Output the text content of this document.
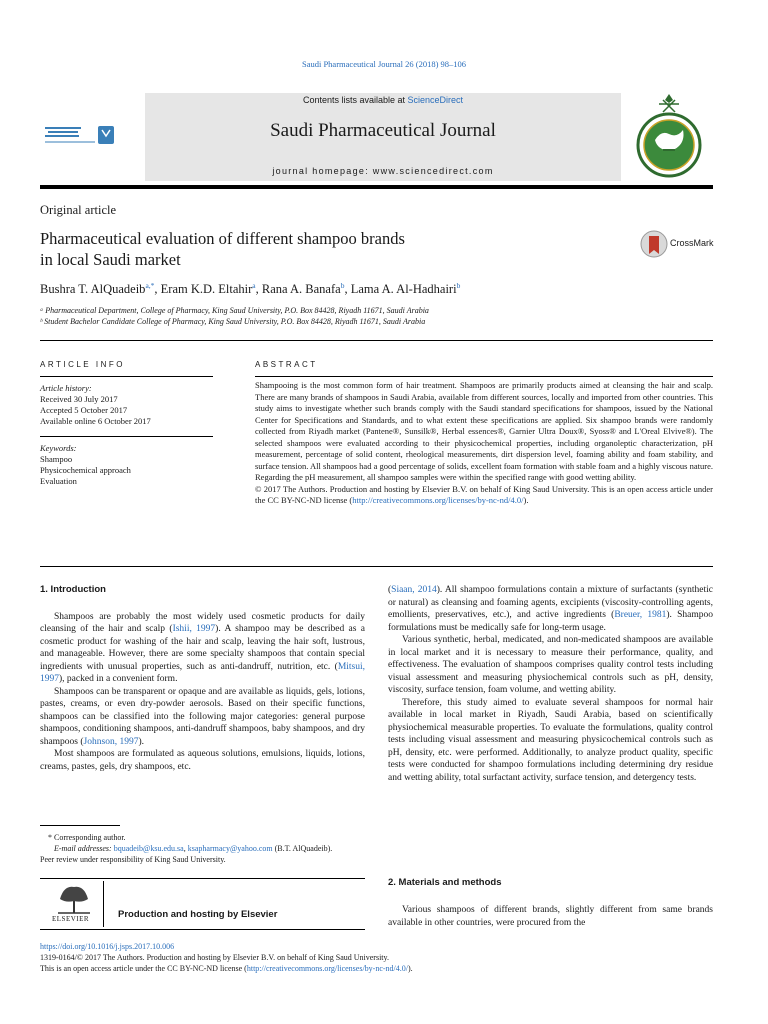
Saudi Pharmaceutical Journal 26 (2018) 98–106
Contents lists available at ScienceDirect
Saudi Pharmaceutical Journal
journal homepage: www.sciencedirect.com
Original article
Pharmaceutical evaluation of different shampoo brands
in local Saudi market
CrossMark
Bushra T. AlQuadeib$^{a,*}$, Eram K.D. Eltahir$^a$, Rana A. Banafa$^b$, Lama A. Al-Hadhairi$^b$
ᵃ Pharmaceutical Department, College of Pharmacy, King Saud University, P.O. Box 84428, Riyadh 11671, Saudi Arabia
ᵇ Student Bachelor Candidate College of Pharmacy, King Saud University, P.O. Box 84428, Riyadh 11671, Saudi Arabia
ARTICLE INFO
Article history:
Received 30 July 2017
Accepted 5 October 2017
Available online 6 October 2017
Keywords:
Shampoo
Physicochemical approach
Evaluation
ABSTRACT

Shampooing is the most common form of hair treatment. Shampoos are primarily products aimed at cleansing the hair and scalp. There are many brands of shampoos in Saudi Arabia, available from different sources, locally and imported from other countries. This study aims to investigate whether such brands comply with the Saudi standard specifications for shampoos, issued by the National Center for Specifications and Standards, and to what extent these specifications are applied. Six shampoo brands were randomly collected from Riyadh market (Pantene®, Sunsilk®, Herbal essences®, Garnier Ultra Doux®, Syoss® and L'Oreal Elvive®). The selected shampoos were evaluated according to their physicochemical properties, including organoleptic characterization, pH measurement, percentage of solid content, rheological measurements, dirt dispersion level, foaming ability and foam stability, and surface tension. All shampoos had a good percentage of solids, excellent foam formation with stable foam and a highly viscous nature. Regarding the pH measurement, all shampoo samples were within the specified range with good wetting ability.

© 2017 The Authors. Production and hosting by Elsevier B.V. on behalf of King Saud University. This is an open access article under the CC BY-NC-ND license (http://creativecommons.org/licenses/by-nc-nd/4.0/).

1. Introduction

Shampoos are probably the most widely used cosmetic products for daily cleansing of the hair and scalp (Ishii, 1997). A shampoo may be described as a cosmetic product for washing of the hair and scalp, leaving the hair soft, lustrous, and manageable. However, there are some specialty shampoos that contain special ingredients with unusual properties, such as anti-dandruff, nutrition, etc. (Mitsui, 1997), packed in a convenient form.

Shampoos can be transparent or opaque and are available as liquids, gels, lotions, pastes, creams, or even dry-powder aerosols. Based on their specific functions, shampoos can be classified into the following major categories: general purpose shampoos, conditioning shampoos, anti-dandruff shampoos, baby shampoos, and dry shampoos (Johnson, 1997).

Most shampoos are formulated as aqueous solutions, emulsions, liquids, lotions, creams, pastes, gels, dry shampoos, etc.

* Corresponding author.
E-mail addresses: bquadeib@ksu.edu.sa, ksapharmacy@yahoo.com (B.T. AlQuadeib).
Peer review under responsibility of King Saud University.
ELSEVIER	Production and hosting by Elsevier

(Siaan, 2014). All shampoo formulations contain a mixture of surfactants (synthetic or natural) as cleansing and foaming agents, excipients (viscosity-controlling agents, emollients, preservatives, etc.), and active ingredients (Breuer, 1981). Shampoo formulations must be medically safe for long-term usage.

Various synthetic, herbal, medicated, and non-medicated shampoos are available in local market and it is necessary to measure their performance, quality, and effectiveness. The evaluation of shampoos comprises quality control tests including visual assessment and measuring physiochemical controls such as pH, density, viscosity, surface tension, foam volume, and wetting ability.

Therefore, this study aimed to evaluate several shampoos for normal hair available in local market in Riyadh, Saudi Arabia, based on scientifically physiochemical measurable properties. To evaluate the formulations, quality control tests including visual assessment and measuring physicochemical controls such as pH, density, etc. were performed. Additionally, to analyze product quality, specific tests were conducted for shampoo formulations including determining dry residue and wetting ability, total surfactant activity, surface tension, and detergency tests.

2. Materials and methods

Various shampoos of different brands, slightly different from same brands available in other countries, were procured from the

https://doi.org/10.1016/j.jsps.2017.10.006
1319-0164/© 2017 The Authors. Production and hosting by Elsevier B.V. on behalf of King Saud University.
This is an open access article under the CC BY-NC-ND license (http://creativecommons.org/licenses/by-nc-nd/4.0/).
